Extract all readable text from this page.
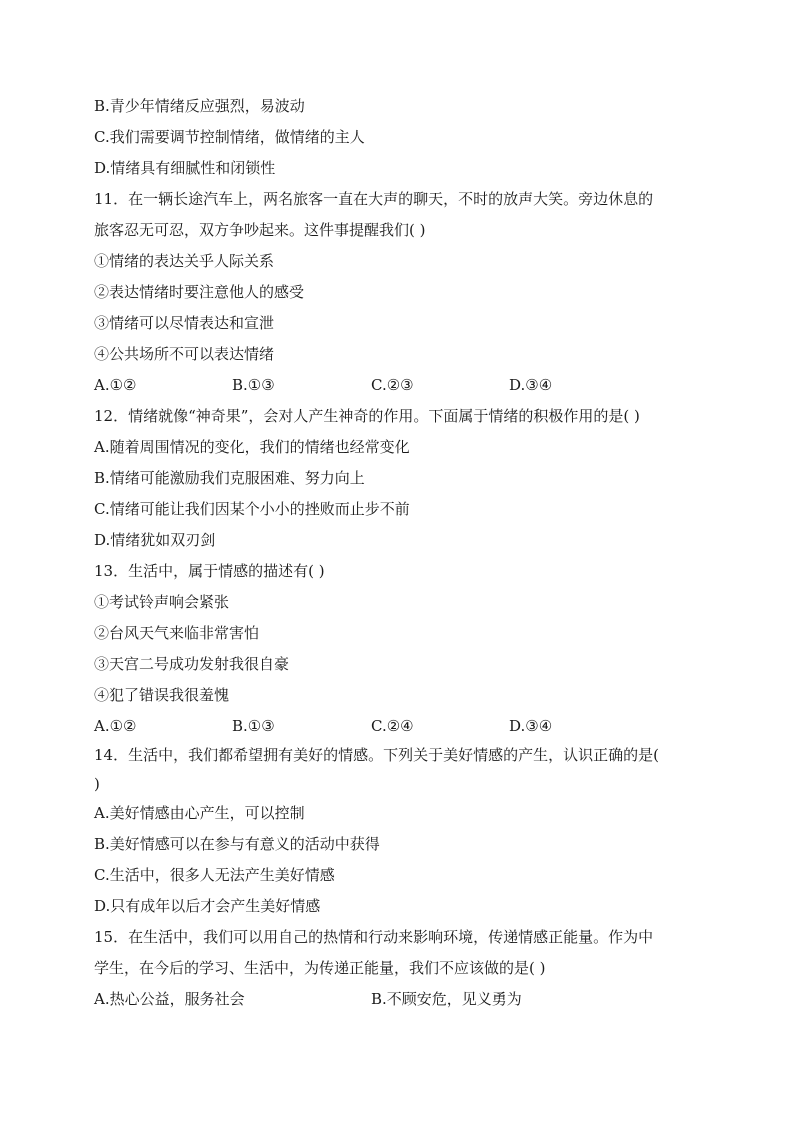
B.青少年情绪反应强烈，易波动
C.我们需要调节控制情绪，做情绪的主人
D.情绪具有细腻性和闭锁性
11．在一辆长途汽车上，两名旅客一直在大声的聊天，不时的放声大笑。旁边休息的
旅客忍无可忍，双方争吵起来。这件事提醒我们( )
①情绪的表达关乎人际关系
②表达情绪时要注意他人的感受
③情绪可以尽情表达和宣泄
④公共场所不可以表达情绪
A.①②	B.①③	C.②③	D.③④
12．情绪就像“神奇果”，会对人产生神奇的作用。下面属于情绪的积极作用的是( )
A.随着周围情况的变化，我们的情绪也经常变化
B.情绪可能激励我们克服困难、努力向上
C.情绪可能让我们因某个小小的挫败而止步不前
D.情绪犹如双刃剑
13．生活中，属于情感的描述有( )
①考试铃声响会紧张
②台风天气来临非常害怕
③天宫二号成功发射我很自豪
④犯了错误我很羞愧
A.①②	B.①③	C.②④	D.③④
14．生活中，我们都希望拥有美好的情感。下列关于美好情感的产生，认识正确的是(
)
A.美好情感由心产生，可以控制
B.美好情感可以在参与有意义的活动中获得
C.生活中，很多人无法产生美好情感
D.只有成年以后才会产生美好情感
15．在生活中，我们可以用自己的热情和行动来影响环境，传递情感正能量。作为中
学生，在今后的学习、生活中，为传递正能量，我们不应该做的是( )
A.热心公益，服务社会	B.不顾安危，见义勇为
